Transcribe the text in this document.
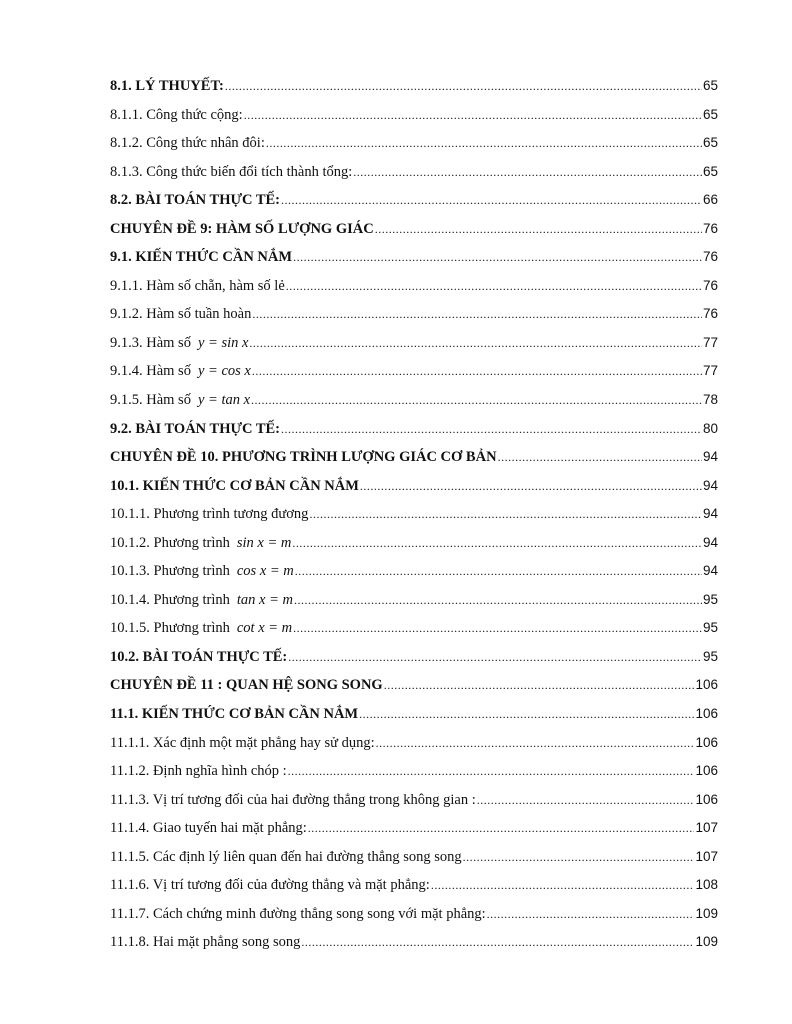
8.1. LÝ THUYẾT: .....	65
8.1.1. Công thức cộng: .....	65
8.1.2. Công thức nhân đôi: .....	65
8.1.3. Công thức biến đổi tích thành tổng: .....	65
8.2. BÀI TOÁN THỰC TẾ: .....	66
CHUYÊN ĐỀ 9: HÀM SỐ LƯỢNG GIÁC .....	76
9.1. KIẾN THỨC CẦN NẮM .....	76
9.1.1. Hàm số chẵn, hàm số lẻ .....	76
9.1.2. Hàm số tuần hoàn .....	76
9.1.3. Hàm số y = sin x .....	77
9.1.4. Hàm số y = cos x .....	77
9.1.5. Hàm số y = tan x .....	78
9.2. BÀI TOÁN THỰC TẾ: .....	80
CHUYÊN ĐỀ 10. PHƯƠNG TRÌNH LƯỢNG GIÁC CƠ BẢN .....	94
10.1. KIẾN THỨC CƠ BẢN CẦN NẮM .....	94
10.1.1. Phương trình tương đương .....	94
10.1.2. Phương trình sin x = m .....	94
10.1.3. Phương trình cos x = m .....	94
10.1.4. Phương trình tan x = m .....	95
10.1.5. Phương trình cot x = m .....	95
10.2. BÀI TOÁN THỰC TẾ: .....	95
CHUYÊN ĐỀ 11 : QUAN HỆ SONG SONG .....	106
11.1. KIẾN THỨC CƠ BẢN CẦN NẮM .....	106
11.1.1. Xác định một mặt phẳng hay sử dụng: .....	106
11.1.2. Định nghĩa hình chóp : .....	106
11.1.3. Vị trí tương đối của hai đường thẳng trong không gian : .....	106
11.1.4. Giao tuyến hai mặt phẳng: .....	107
11.1.5. Các định lý liên quan đến hai đường thẳng song song .....	107
11.1.6. Vị trí tương đối của đường thẳng và mặt phẳng: .....	108
11.1.7. Cách chứng minh đường thẳng song song với mặt phẳng: .....	109
11.1.8. Hai mặt phẳng song song .....	109
